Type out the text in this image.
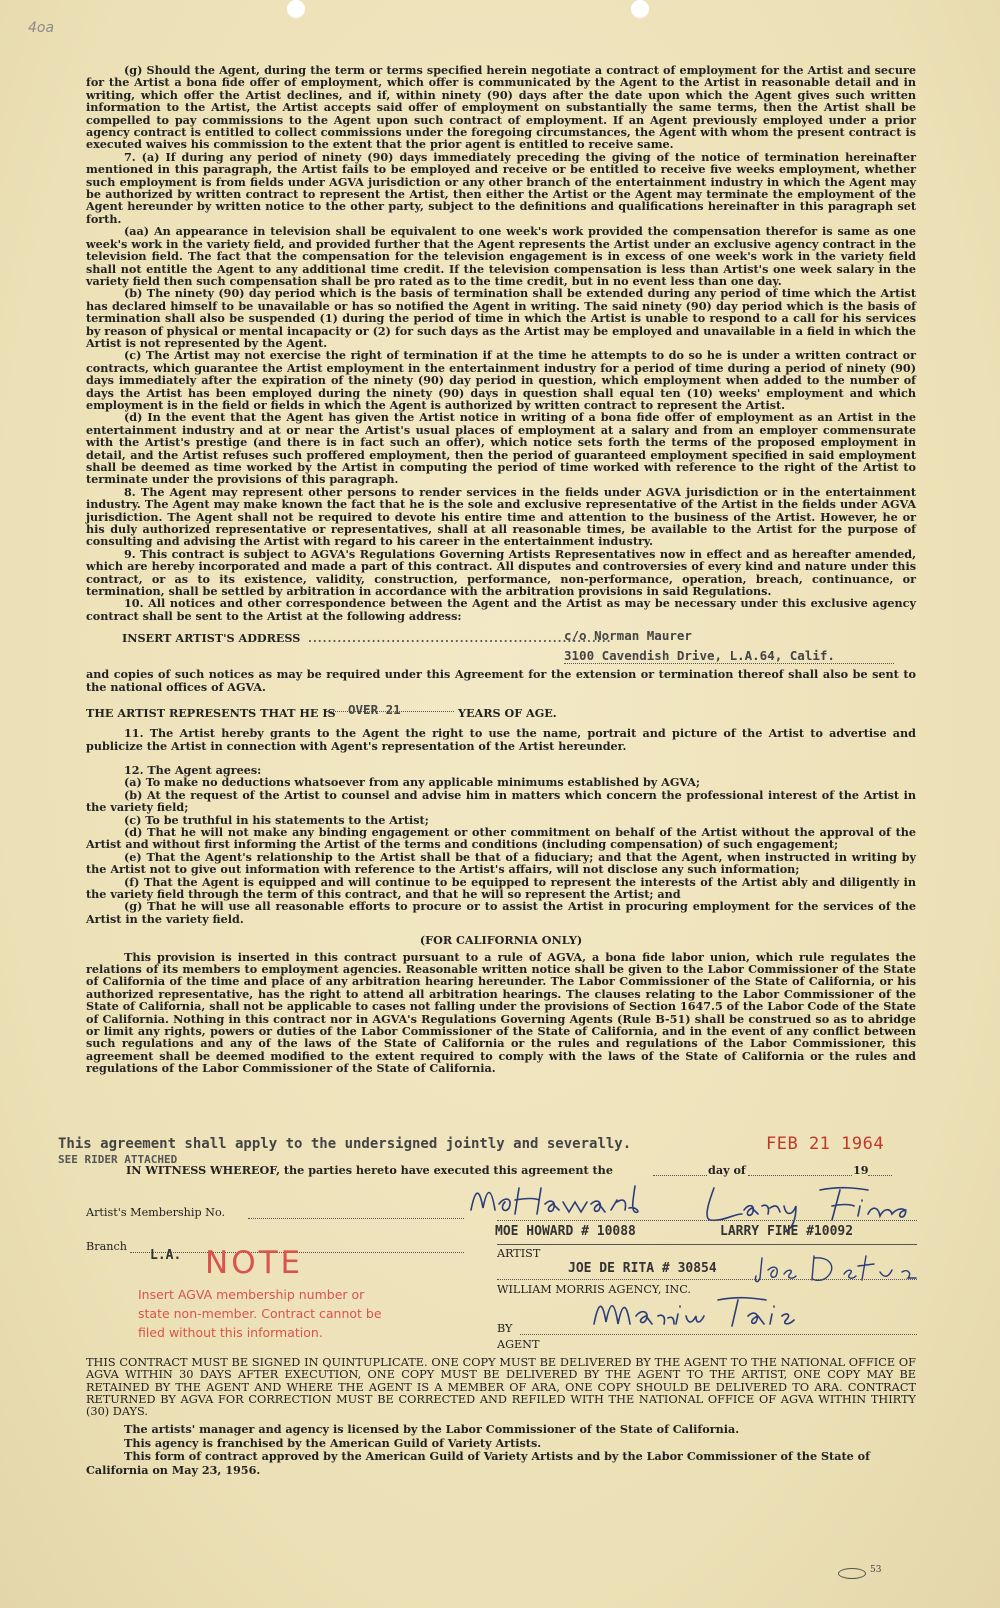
4oa

(g) Should the Agent, during the term or terms specified herein negotiate a contract of employment for the Artist and secure for the Artist a bona fide offer of employment, which offer is communicated by the Agent to the Artist in reasonable detail and in writing, which offer the Artist declines, and if, within ninety (90) days after the date upon which the Agent gives such written information to the Artist, the Artist accepts said offer of employment on substantially the same terms, then the Artist shall be compelled to pay commissions to the Agent upon such contract of employment. If an Agent previously employed under a prior agency contract is entitled to collect commissions under the foregoing circumstances, the Agent with whom the present contract is executed waives his commission to the extent that the prior agent is entitled to receive same.

7. (a) If during any period of ninety (90) days immediately preceding the giving of the notice of termination hereinafter mentioned in this paragraph, the Artist fails to be employed and receive or be entitled to receive five weeks employment, whether such employment is from fields under AGVA jurisdiction or any other branch of the entertainment industry in which the Agent may be authorized by written contract to represent the Artist, then either the Artist or the Agent may terminate the employment of the Agent hereunder by written notice to the other party, subject to the definitions and qualifications hereinafter in this paragraph set forth.

(aa) An appearance in television shall be equivalent to one week's work provided the compensation therefor is same as one week's work in the variety field, and provided further that the Agent represents the Artist under an exclusive agency contract in the television field. The fact that the compensation for the television engagement is in excess of one week's work in the variety field shall not entitle the Agent to any additional time credit. If the television compensation is less than Artist's one week salary in the variety field then such compensation shall be pro rated as to the time credit, but in no event less than one day.

(b) The ninety (90) day period which is the basis of termination shall be extended during any period of time which the Artist has declared himself to be unavailable or has so notified the Agent in writing. The said ninety (90) day period which is the basis of termination shall also be suspended (1) during the period of time in which the Artist is unable to respond to a call for his services by reason of physical or mental incapacity or (2) for such days as the Artist may be employed and unavailable in a field in which the Artist is not represented by the Agent.

(c) The Artist may not exercise the right of termination if at the time he attempts to do so he is under a written contract or contracts, which guarantee the Artist employment in the entertainment industry for a period of time during a period of ninety (90) days immediately after the expiration of the ninety (90) day period in question, which employment when added to the number of days the Artist has been employed during the ninety (90) days in question shall equal ten (10) weeks' employment and which employment is in the field or fields in which the Agent is authorized by written contract to represent the Artist.

(d) In the event that the Agent has given the Artist notice in writing of a bona fide offer of employment as an Artist in the entertainment industry and at or near the Artist's usual places of employment at a salary and from an employer commensurate with the Artist's prestige (and there is in fact such an offer), which notice sets forth the terms of the proposed employment in detail, and the Artist refuses such proffered employment, then the period of guaranteed employment specified in said employment shall be deemed as time worked by the Artist in computing the period of time worked with reference to the right of the Artist to terminate under the provisions of this paragraph.

8. The Agent may represent other persons to render services in the fields under AGVA jurisdiction or in the entertainment industry. The Agent may make known the fact that he is the sole and exclusive representative of the Artist in the fields under AGVA jurisdiction. The Agent shall not be required to devote his entire time and attention to the business of the Artist. However, he or his duly authorized representative or representatives, shall at all reasonable times, be available to the Artist for the purpose of consulting and advising the Artist with regard to his career in the entertainment industry.

9. This contract is subject to AGVA's Regulations Governing Artists Representatives now in effect and as hereafter amended, which are hereby incorporated and made a part of this contract. All disputes and controversies of every kind and nature under this contract, or as to its existence, validity, construction, performance, non-performance, operation, breach, continuance, or termination, shall be settled by arbitration in accordance with the arbitration provisions in said Regulations.

10. All notices and other correspondence between the Agent and the Artist as may be necessary under this exclusive agency contract shall be sent to the Artist at the following address:

INSERT ARTIST'S ADDRESS ..............................................................
c/o Norman Maurer
3100 Cavendish Drive, L.A.64, Calif.

and copies of such notices as may be required under this Agreement for the extension or termination thereof shall also be sent to the national offices of AGVA.

THE ARTIST REPRESENTS THAT HE IS OVER 21	YEARS OF AGE.

11. The Artist hereby grants to the Agent the right to use the name, portrait and picture of the Artist to advertise and publicize the Artist in connection with Agent's representation of the Artist hereunder.

12. The Agent agrees:

(a) To make no deductions whatsoever from any applicable minimums established by AGVA;

(b) At the request of the Artist to counsel and advise him in matters which concern the professional interest of the Artist in the variety field;

(c) To be truthful in his statements to the Artist;

(d) That he will not make any binding engagement or other commitment on behalf of the Artist without the approval of the Artist and without first informing the Artist of the terms and conditions (including compensation) of such engagement;

(e) That the Agent's relationship to the Artist shall be that of a fiduciary; and that the Agent, when instructed in writing by the Artist not to give out information with reference to the Artist's affairs, will not disclose any such information;

(f) That the Agent is equipped and will continue to be equipped to represent the interests of the Artist ably and diligently in the variety field through the term of this contract, and that he will so represent the Artist; and

(g) That he will use all reasonable efforts to procure or to assist the Artist in procuring employment for the services of the Artist in the variety field.

(FOR CALIFORNIA ONLY)

This provision is inserted in this contract pursuant to a rule of AGVA, a bona fide labor union, which rule regulates the relations of its members to employment agencies. Reasonable written notice shall be given to the Labor Commissioner of the State of California of the time and place of any arbitration hearing hereunder. The Labor Commissioner of the State of California, or his authorized representative, has the right to attend all arbitration hearings. The clauses relating to the Labor Commissioner of the State of California, shall not be applicable to cases not falling under the provisions of Section 1647.5 of the Labor Code of the State of California. Nothing in this contract nor in AGVA's Regulations Governing Agents (Rule B-51) shall be construed so as to abridge or limit any rights, powers or duties of the Labor Commissioner of the State of California, and in the event of any conflict between such regulations and any of the laws of the State of California or the rules and regulations of the Labor Commissioner, this agreement shall be deemed modified to the extent required to comply with the laws of the State of California or the rules and regulations of the Labor Commissioner of the State of California.

This agreement shall apply to the undersigned jointly and severally.	FEB 21 1964
SEE RIDER ATTACHED
IN WITNESS WHEREOF, the parties hereto have executed this agreement the	day of	19
Artist's Membership No.
MOE HOWARD # 10088	LARRY FINE #10092
ARTIST
Branch
L.A. NOTE
Insert AGVA membership number or
state non-member. Contract cannot be
filed without this information.
JOE DE RITA # 30854
WILLIAM MORRIS AGENCY, INC.
BY
AGENT
THIS CONTRACT MUST BE SIGNED IN QUINTUPLICATE. ONE COPY MUST BE DELIVERED BY THE AGENT TO THE NATIONAL OFFICE OF AGVA WITHIN 30 DAYS AFTER EXECUTION, ONE COPY MUST BE DELIVERED BY THE AGENT TO THE ARTIST, ONE COPY MAY BE RETAINED BY THE AGENT AND WHERE THE AGENT IS A MEMBER OF ARA, ONE COPY SHOULD BE DELIVERED TO ARA. CONTRACT RETURNED BY AGVA FOR CORRECTION MUST BE CORRECTED AND REFILED WITH THE NATIONAL OFFICE OF AGVA WITHIN THIRTY (30) DAYS.

The artists' manager and agency is licensed by the Labor Commissioner of the State of California.

This agency is franchised by the American Guild of Variety Artists.

This form of contract approved by the American Guild of Variety Artists and by the Labor Commissioner of the State of California on May 23, 1956.

53
